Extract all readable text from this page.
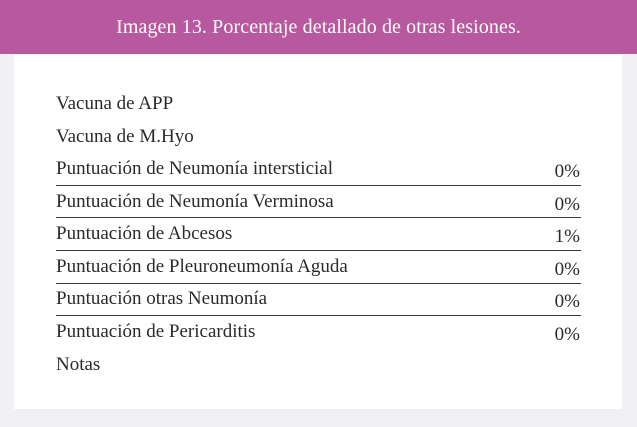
Imagen 13. Porcentaje detallado de otras lesiones.
Vacuna de APP
Vacuna de M.Hyo
Puntuación de Neumonía intersticial	0%
Puntuación de Neumonía Verminosa	0%
Puntuación de Abcesos	1%
Puntuación de Pleuroneumonía Aguda	0%
Puntuación otras Neumonía	0%
Puntuación de Pericarditis	0%
Notas
